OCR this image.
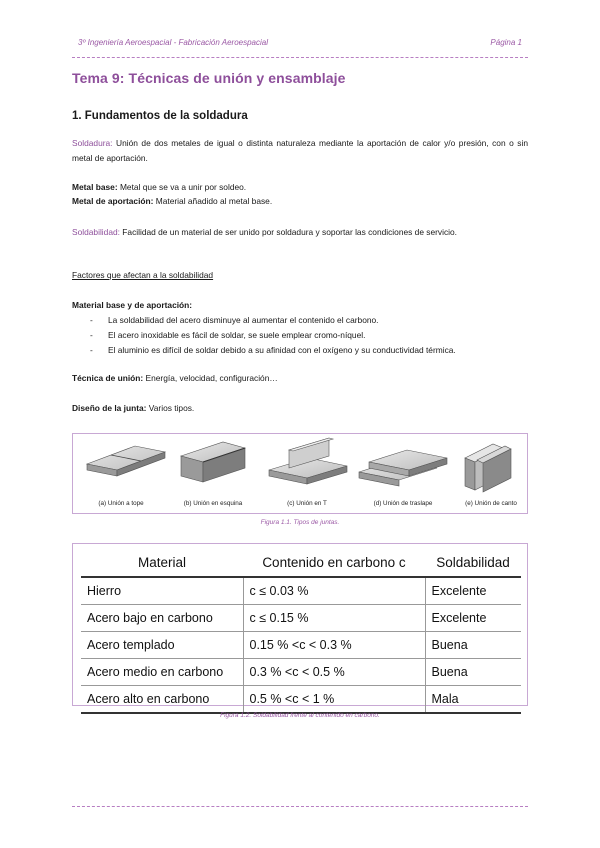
3º Ingeniería Aeroespacial - Fabricación Aeroespacial	Página 1
Tema 9: Técnicas de unión y ensamblaje
1. Fundamentos de la soldadura
Soldadura: Unión de dos metales de igual o distinta naturaleza mediante la aportación de calor y/o presión, con o sin metal de aportación.
Metal base: Metal que se va a unir por soldeo.
Metal de aportación: Material añadido al metal base.
Soldabilidad: Facilidad de un material de ser unido por soldadura y soportar las condiciones de servicio.
Factores que afectan a la soldabilidad
Material base y de aportación:
- La soldabilidad del acero disminuye al aumentar el contenido el carbono.
- El acero inoxidable es fácil de soldar, se suele emplear cromo-níquel.
- El aluminio es difícil de soldar debido a su afinidad con el oxígeno y su conductividad térmica.
Técnica de unión: Energía, velocidad, configuración…
Diseño de la junta: Varios tipos.
(a) Unión a tope	(b) Unión en esquina	(c) Unión en T	(d) Unión de traslape	(e) Unión de canto
Figura 1.1. Tipos de juntas.
Material	Contenido en carbono c	Soldabilidad
Hierro	c ≤ 0.03 %	Excelente
Acero bajo en carbono	c ≤ 0.15 %	Excelente
Acero templado	0.15 % <c < 0.3 %	Buena
Acero medio en carbono	0.3 % <c < 0.5 %	Buena
Acero alto en carbono	0.5 % <c < 1 %	Mala
Figura 1.2. Soldabilidad frente al contenido en carbono.
